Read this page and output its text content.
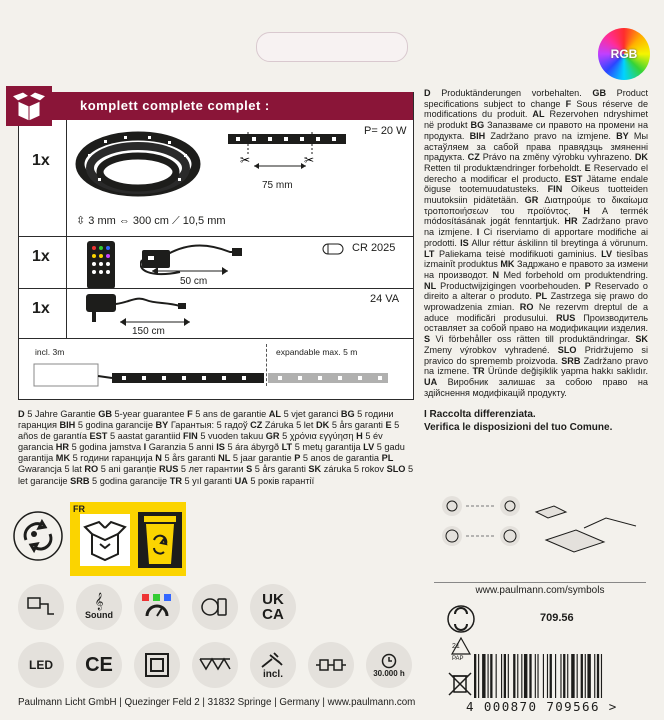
RGB
komplett complete complet :
1x	✂	✂
P= 20 W
75 mm
⇳ 3 mm ⇔ 300 cm ⟋ 10,5 mm
1x
50 cm
CR 2025
1x
150 cm
24 VA
incl. 3m	expandable max. 5 m
D Produktänderungen vorbehalten. GB Product specifications subject to change F Sous réserve de modifications du produit. AL Rezervohen ndryshimet në produkt BG Запазваме си правото на промени на продукта. BIH Zadržano pravo na izmjene. BY Мы астаўляем за сабой права правядзць змяненні прадукта. CZ Právo na změny výrobku vyhrazeno. DK Retten til produktændringer forbeholdt. E Reservado el derecho a modificar el producto. EST Jätame endale õiguse tootemuudatusteks. FIN Oikeus tuotteiden muutoksiin pidätetään. GR Διατηρούμε το δικαίωμα τροποποιήσεων του προϊόντος. H A termék módosításának jogát fenntartjuk. HR Zadržano pravo na izmjene. I Ci riserviamo di apportare modifiche ai prodotti. IS Allur réttur áskilinn til breytinga á vörunum. LT Paliekama teisė modifikuoti gaminius. LV tiesības izmainīt produktus MK Задржано е правото за измени на производот. N Med forbehold om produktendring. NL Productwijzigingen voorbehouden. P Reservado o direito a alterar o produto. PL Zastrzega się prawo do wprowadzenia zmian. RO Ne rezervm dreptul de a aduce modificări produsului. RUS Производитель оставляет за собой право на модификации изделия. S Vi förbehåller oss rätten till produktändringar. SK Zmeny výrobkov vyhradené. SLO Pridržujemo si pravico do sprememb proizvoda. SRB Zadržano pravo na izmene. TR Üründe değişiklik yapma hakkı saklıdır. UA Виробник залишає за собою право на здійснення модифікацій продукту.
I Raccolta differenziata.
Verifica le disposizioni del tuo Comune.
D 5 Jahre Garantie GB 5-year guarantee F 5 ans de garantie AL 5 vjet garanci BG 5 години гаранция BIH 5 godina garancije BY Гарантыя: 5 гадоў CZ Záruka 5 let DK 5 års garanti E 5 años de garantía EST 5 aastat garantiid FIN 5 vuoden takuu GR 5 χρόνια εγγύηση H 5 év garancia HR 5 godina jamstva I Garanzia 5 anni IS 5 ára ábyrgð LT 5 metų garantija LV 5 gadu garantija MK 5 години гаранција N 5 års garanti NL 5 jaar garantie P 5 anos de garantia PL Gwarancja 5 lat RO 5 ani garanție RUS 5 лет гарантии S 5 års garanti SK záruka 5 rokov SLO 5 let garancije SRB 5 godina garancije TR 5 yıl garanti UA 5 років гарантії
FR
www.paulmann.com/symbols
709.56
𝄞
Sound
UK
CA
LED CE	incl.	30.000 h
21
PAP
4 000870 709566 >
Paulmann Licht GmbH | Quezinger Feld 2 | 31832 Springe | Germany | www.paulmann.com
